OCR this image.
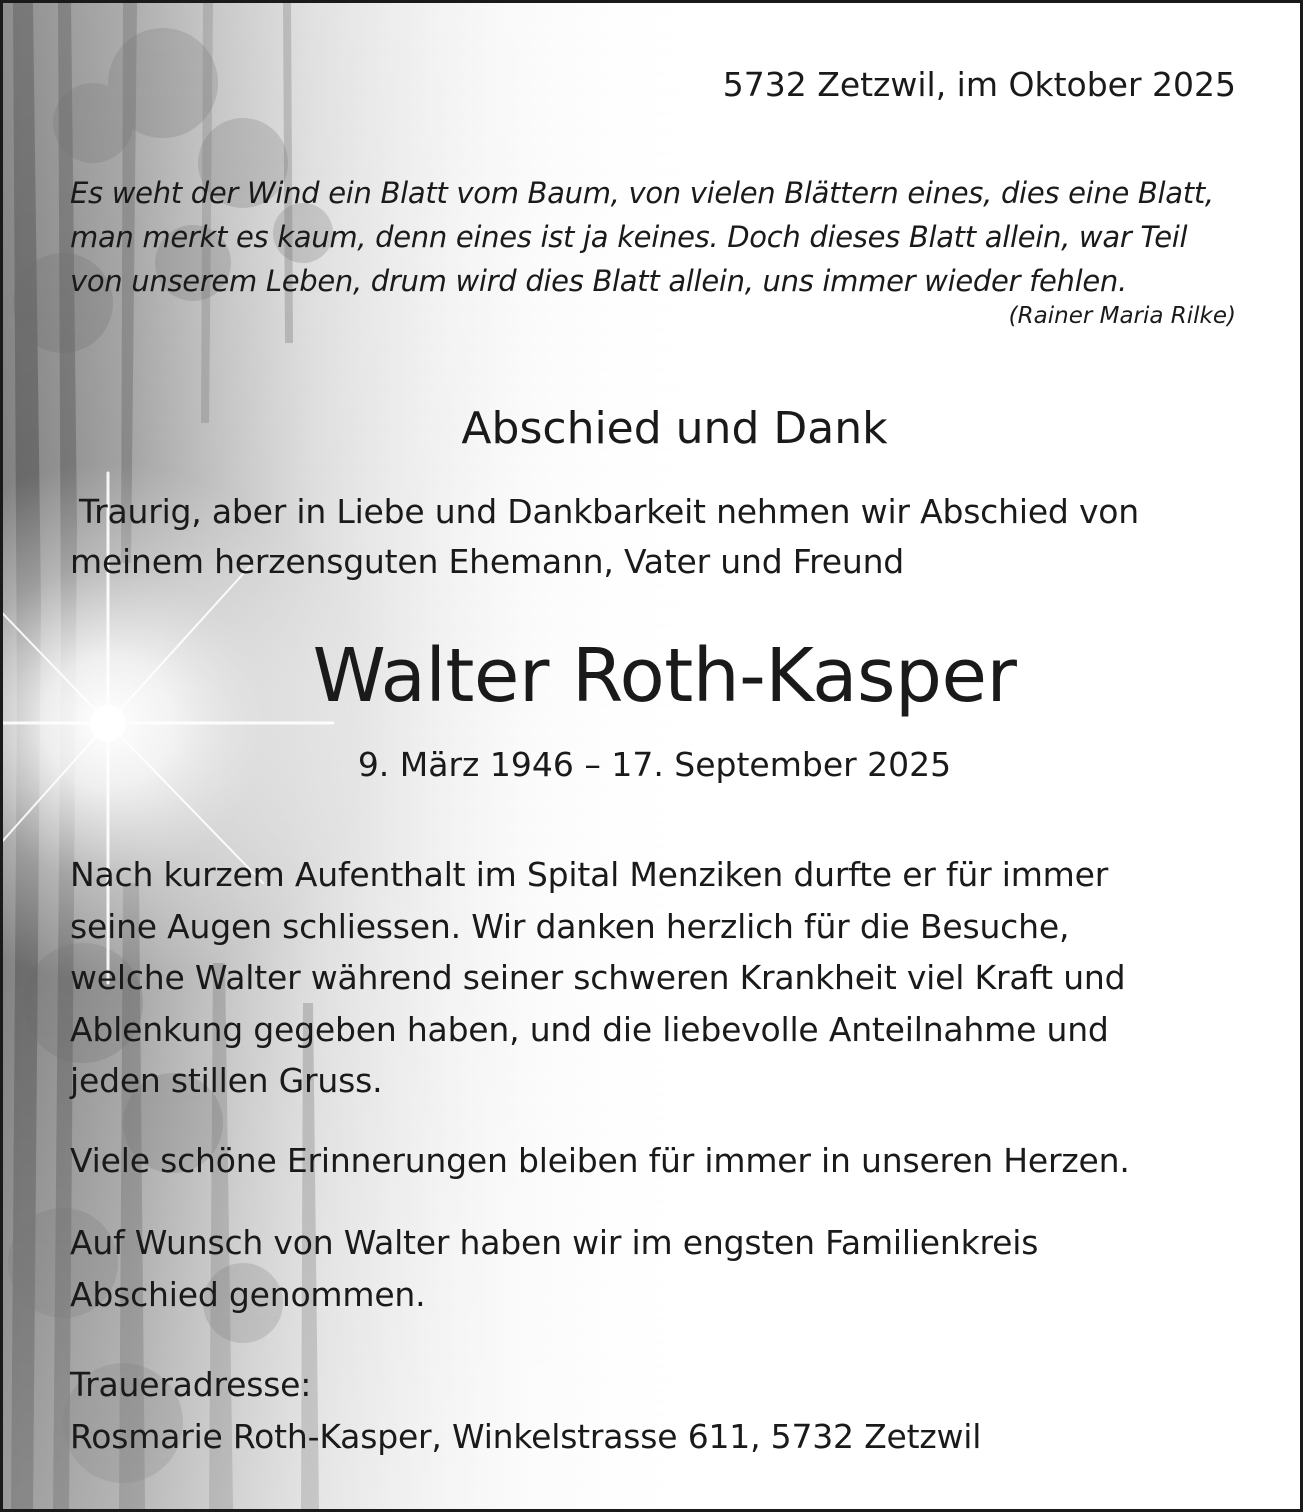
5732 Zetzwil, im Oktober 2025
Es weht der Wind ein Blatt vom Baum, von vielen Blättern eines, dies eine Blatt,
man merkt es kaum, denn eines ist ja keines. Doch dieses Blatt allein, war Teil
von unserem Leben, drum wird dies Blatt allein, uns immer wieder fehlen.
(Rainer Maria Rilke)
Abschied und Dank
Traurig, aber in Liebe und Dankbarkeit nehmen wir Abschied von
meinem herzensguten Ehemann, Vater und Freund
Walter Roth-Kasper
9. März 1946 – 17. September 2025
Nach kurzem Aufenthalt im Spital Menziken durfte er für immer
seine Augen schliessen. Wir danken herzlich für die Besuche,
welche Walter während seiner schweren Krankheit viel Kraft und
Ablenkung gegeben haben, und die liebevolle Anteilnahme und
jeden stillen Gruss.
Viele schöne Erinnerungen bleiben für immer in unseren Herzen.
Auf Wunsch von Walter haben wir im engsten Familienkreis
Abschied genommen.
Traueradresse:
Rosmarie Roth-Kasper, Winkelstrasse 611, 5732 Zetzwil
